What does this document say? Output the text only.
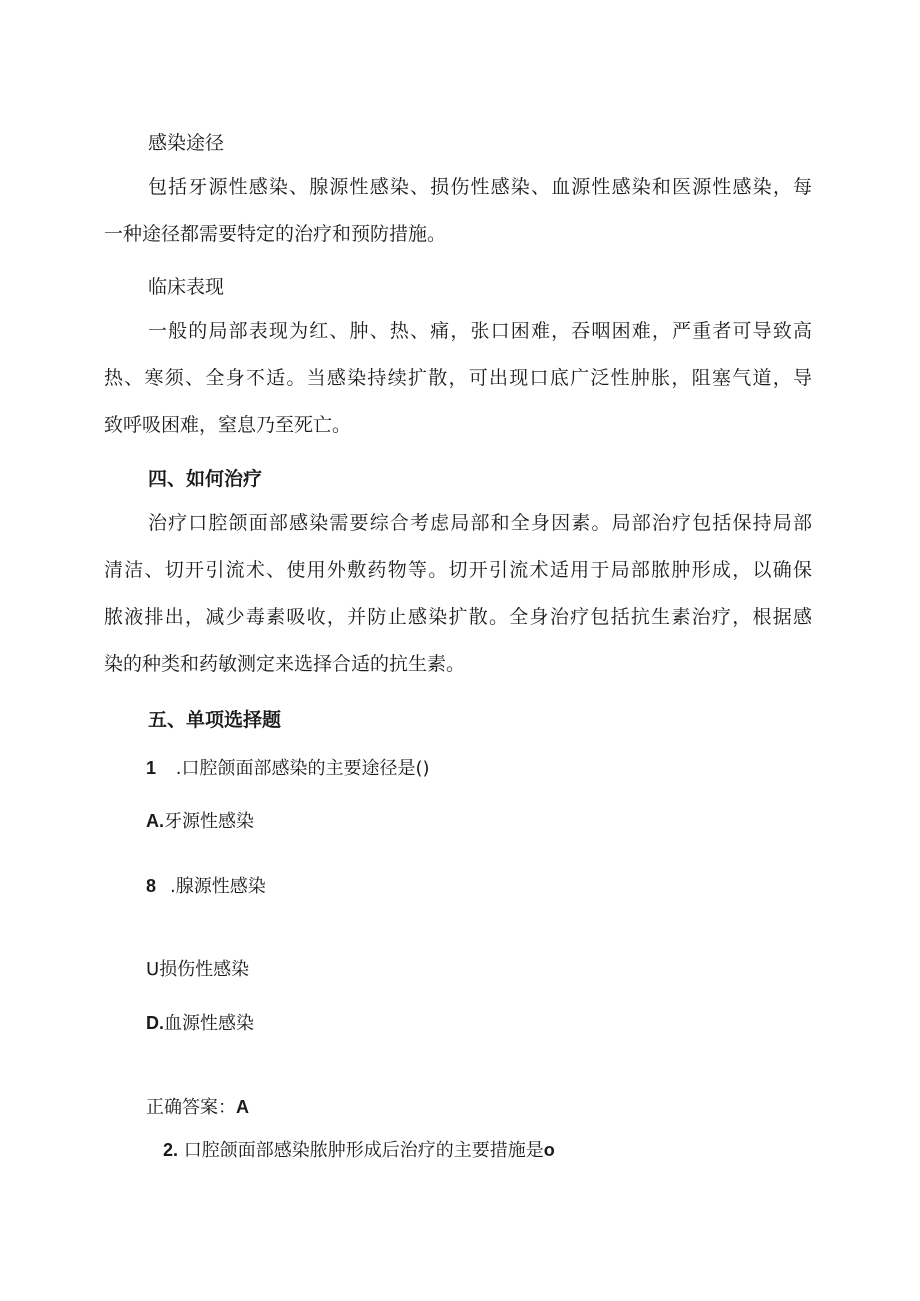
感染途径
包括牙源性感染、腺源性感染、损伤性感染、血源性感染和医源性感染，每
一种途径都需要特定的治疗和预防措施。
临床表现
一般的局部表现为红、肿、热、痛，张口困难，吞咽困难，严重者可导致高
热、寒须、全身不适。当感染持续扩散，可出现口底广泛性肿胀，阻塞气道，导
致呼吸困难，窒息乃至死亡。
四、如何治疗
治疗口腔颌面部感染需要综合考虑局部和全身因素。局部治疗包括保持局部
清洁、切开引流术、使用外敷药物等。切开引流术适用于局部脓肿形成，以确保
脓液排出，减少毒素吸收，并防止感染扩散。全身治疗包括抗生素治疗，根据感
染的种类和药敏测定来选择合适的抗生素。
五、单项选择题
1 .口腔颌面部感染的主要途径是()
A.牙源性感染
8 .腺源性感染
U损伤性感染
D.血源性感染
正确答案：A
2. 口腔颌面部感染脓肿形成后治疗的主要措施是o
